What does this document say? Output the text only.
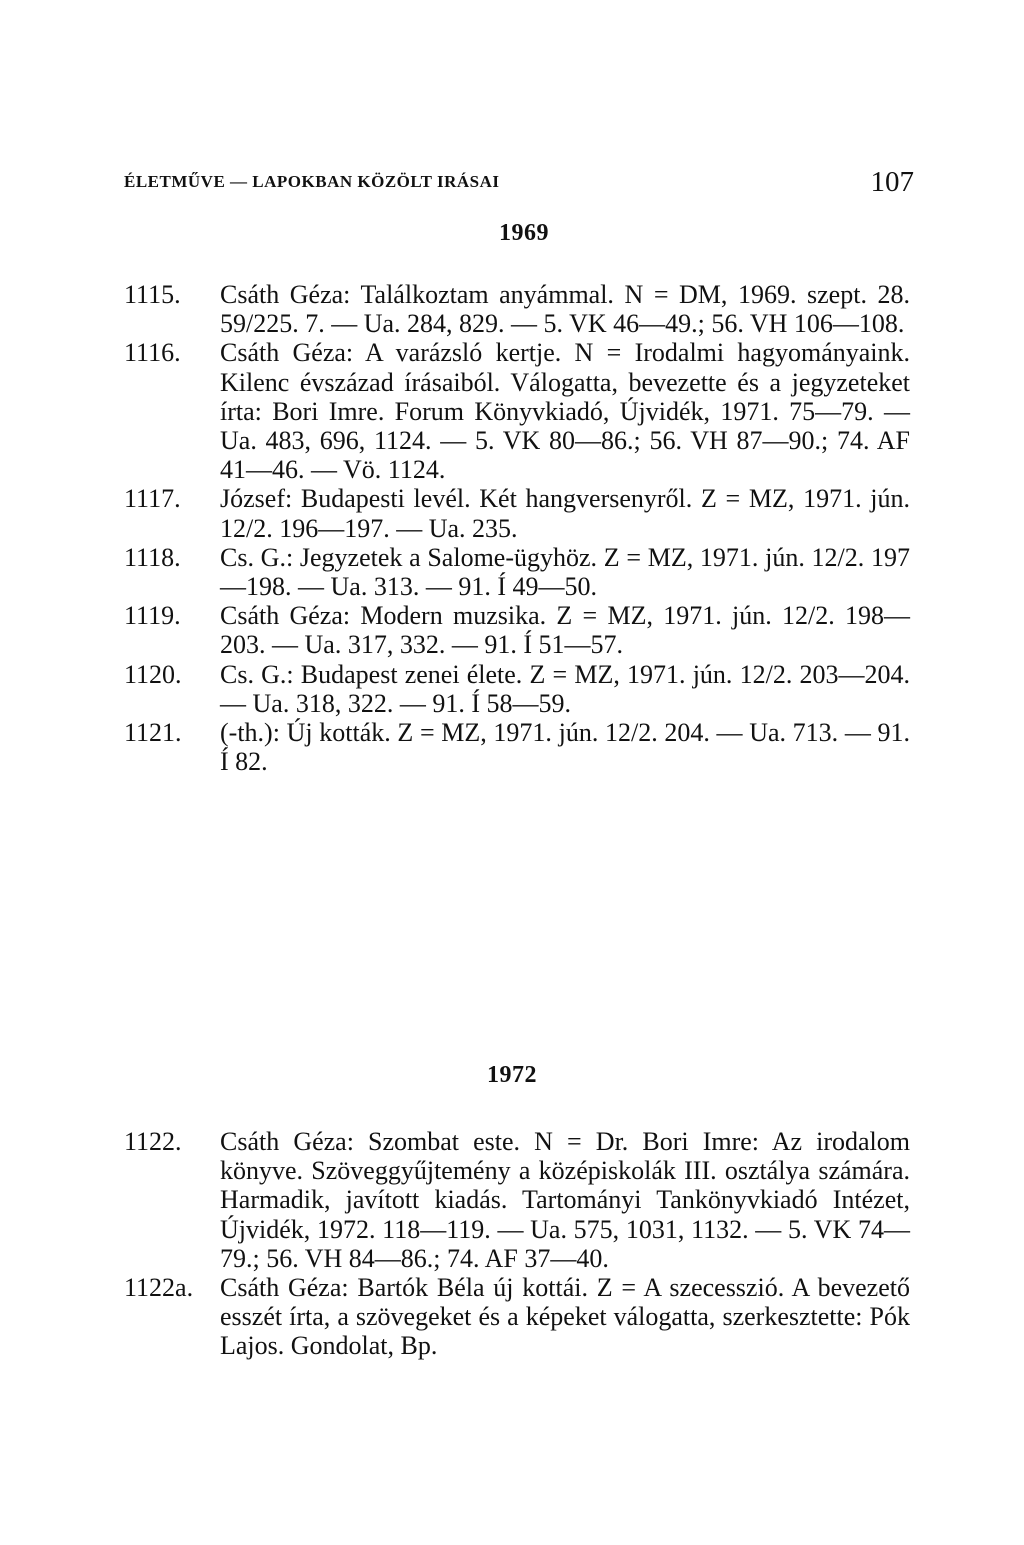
ÉLETMŰVE — LAPOKBAN KÖZÖLT IRÁSAI	107
1969
1115.	Csáth Géza: Találkoztam anyámmal. N = DM, 1969. szept. 28. 59/225. 7. — Ua. 284, 829. — 5. VK 46—49.; 56. VH 106—108.
1116.	Csáth Géza: A varázsló kertje. N = Irodalmi hagyományaink. Kilenc évszázad írásaiból. Válogatta, bevezette és a jegyzeteket írta: Bori Imre. Forum Könyvkiadó, Újvidék, 1971. 75—79. — Ua. 483, 696, 1124. — 5. VK 80—86.; 56. VH 87—90.; 74. AF 41—46. — Vö. 1124.
1117.	József: Budapesti levél. Két hangversenyről. Z = MZ, 1971. jún. 12/2. 196—197. — Ua. 235.
1118.	Cs. G.: Jegyzetek a Salome-ügyhöz. Z = MZ, 1971. jún. 12/2. 197—198. — Ua. 313. — 91. Í 49—50.
1119.	Csáth Géza: Modern muzsika. Z = MZ, 1971. jún. 12/2. 198—203. — Ua. 317, 332. — 91. Í 51—57.
1120.	Cs. G.: Budapest zenei élete. Z = MZ, 1971. jún. 12/2. 203—204. — Ua. 318, 322. — 91. Í 58—59.
1121.	(-th.): Új kották. Z = MZ, 1971. jún. 12/2. 204. — Ua. 713. — 91. Í 82.
1972
1122.	Csáth Géza: Szombat este. N = Dr. Bori Imre: Az irodalom könyve. Szöveggyűjtemény a középiskolák III. osztálya számára. Harmadik, javított kiadás. Tartományi Tankönyvkiadó Intézet, Újvidék, 1972. 118—119. — Ua. 575, 1031, 1132. — 5. VK 74—79.; 56. VH 84—86.; 74. AF 37—40.
1122a.	Csáth Géza: Bartók Béla új kottái. Z = A szecesszió. A bevezető esszét írta, a szövegeket és a képeket válogatta, szerkesztette: Pók Lajos. Gondolat, Bp.
